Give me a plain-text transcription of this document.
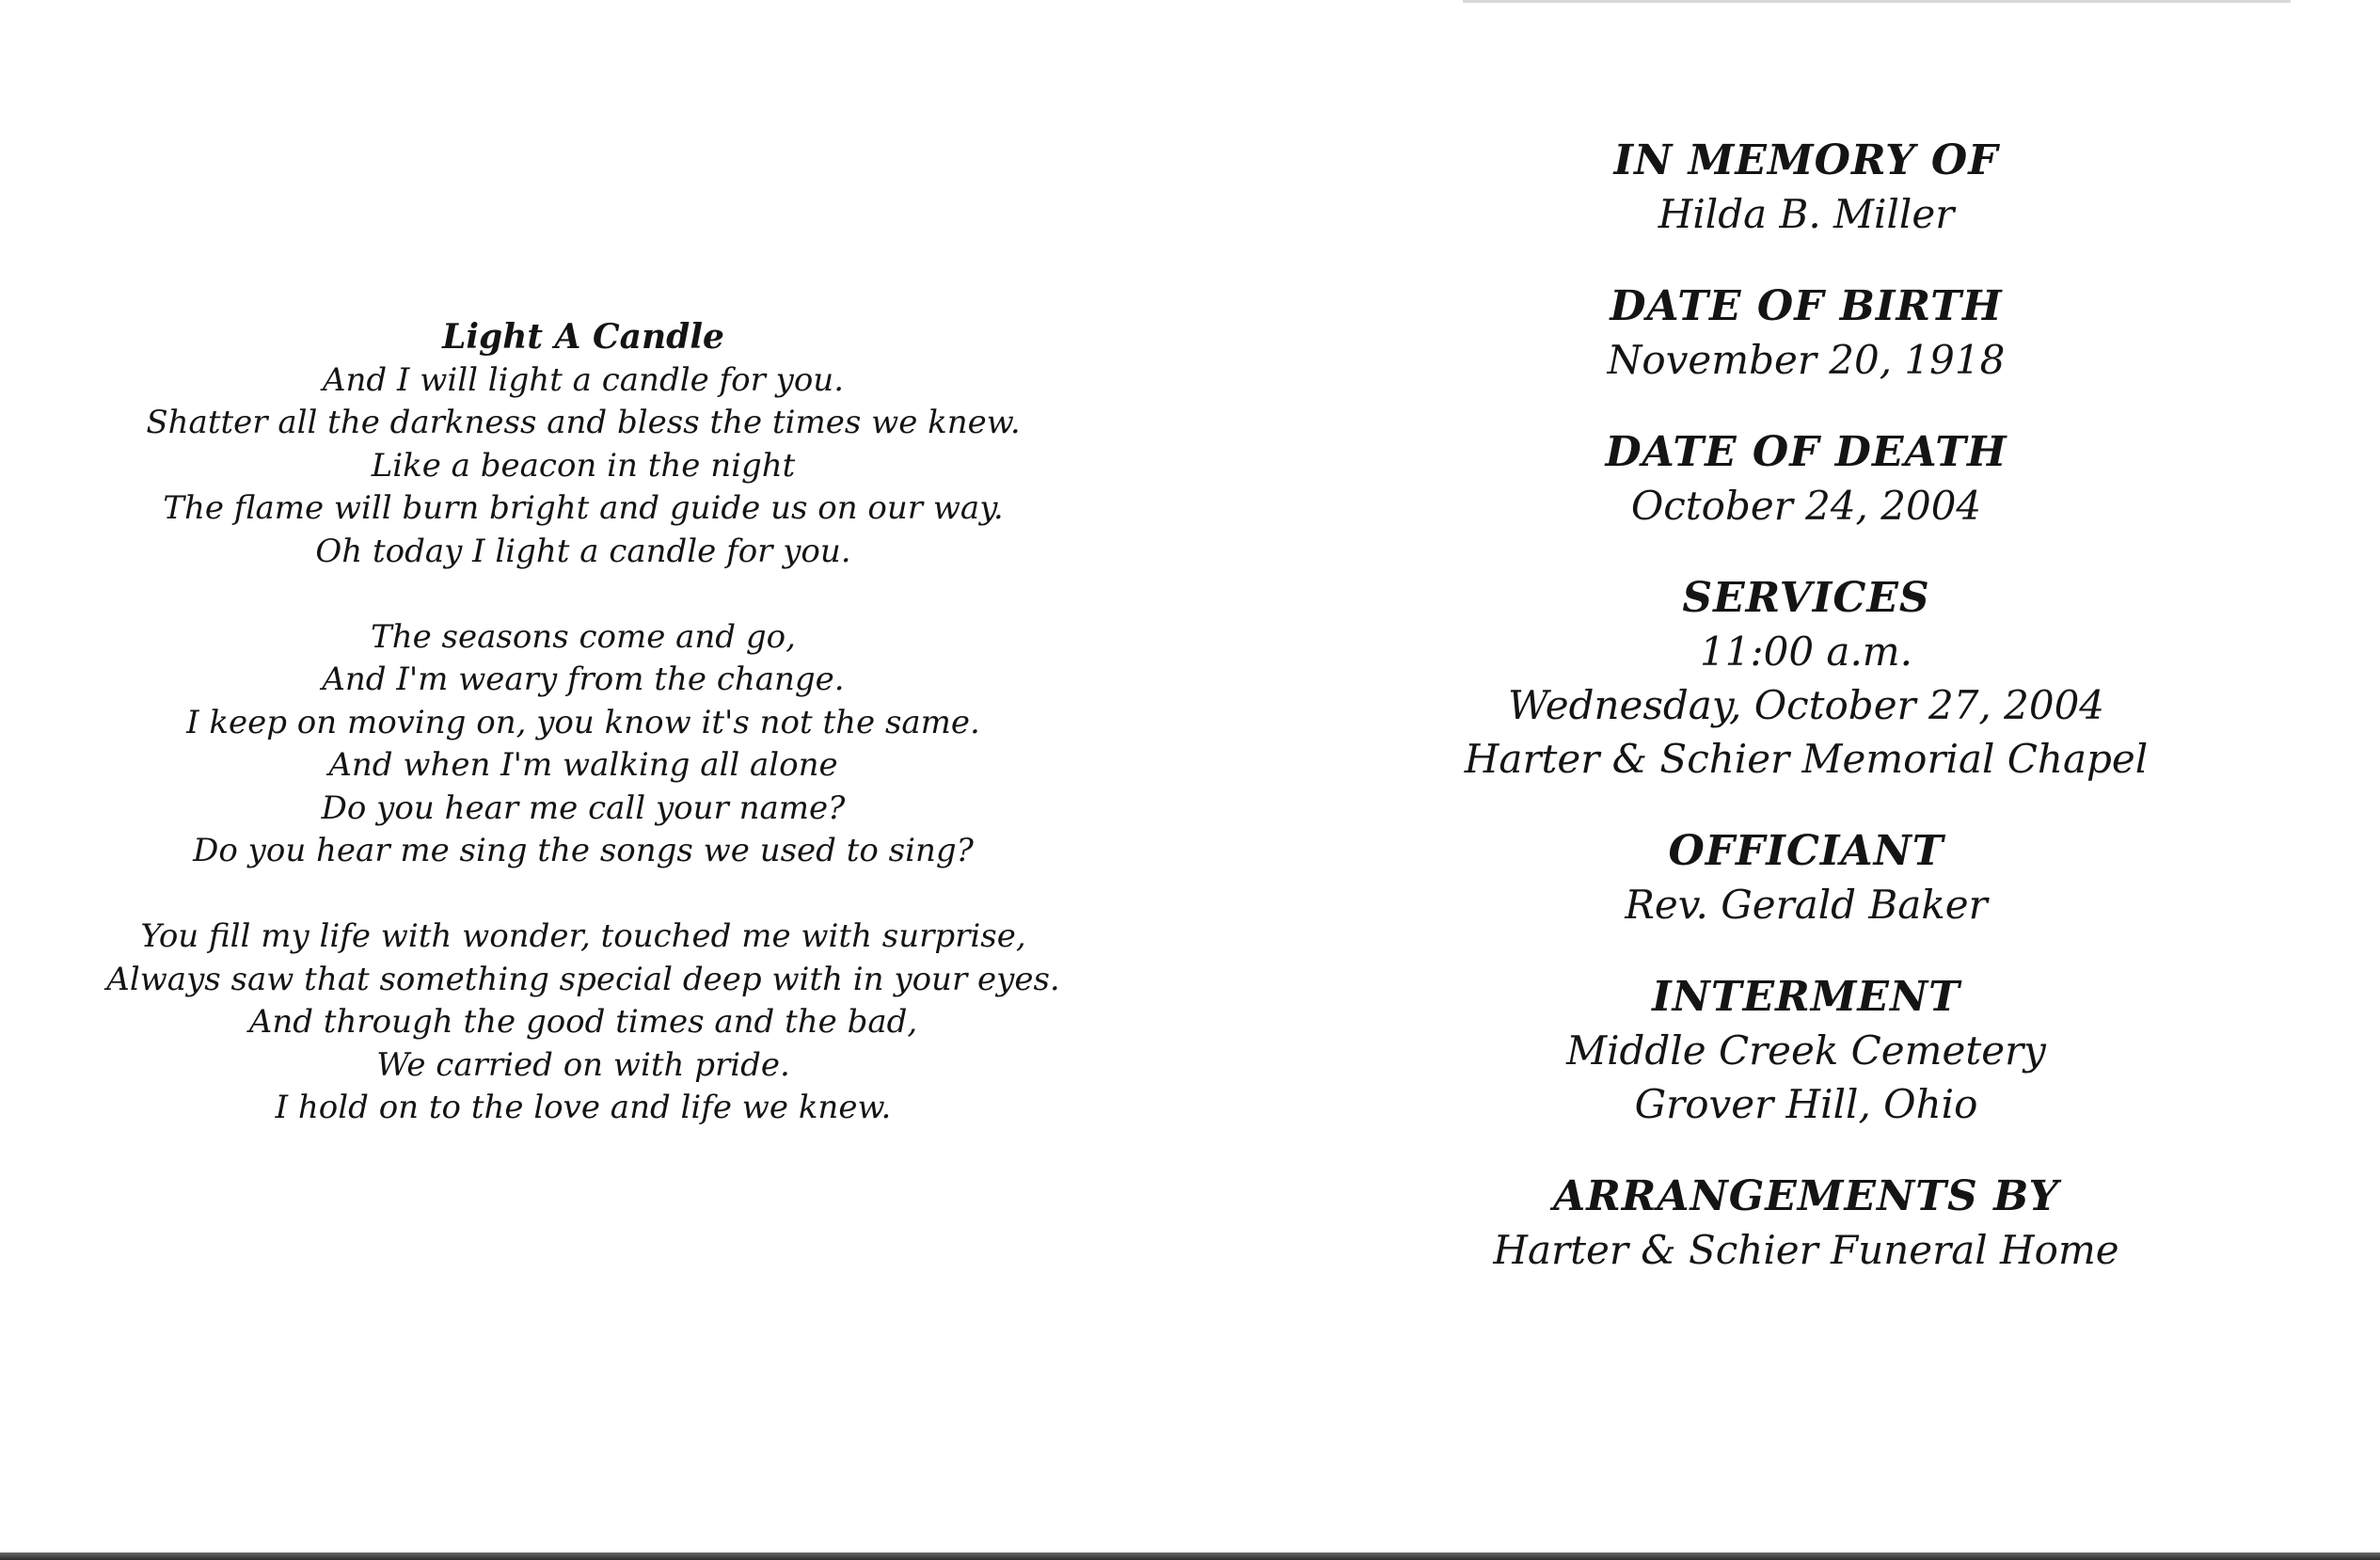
Light A Candle

And I will light a candle for you.
Shatter all the darkness and bless the times we knew.
Like a beacon in the night
The flame will burn bright and guide us on our way.
Oh today I light a candle for you.

The seasons come and go,
And I'm weary from the change.
I keep on moving on, you know it's not the same.
And when I'm walking all alone
Do you hear me call your name?
Do you hear me sing the songs we used to sing?

You fill my life with wonder, touched me with surprise,
Always saw that something special deep with in your eyes.
And through the good times and the bad,
We carried on with pride.
I hold on to the love and life we knew.

IN MEMORY OF
Hilda B. Miller
DATE OF BIRTH
November 20, 1918
DATE OF DEATH
October 24, 2004
SERVICES
11:00 a.m.
Wednesday, October 27, 2004
Harter & Schier Memorial Chapel
OFFICIANT
Rev. Gerald Baker
INTERMENT
Middle Creek Cemetery
Grover Hill, Ohio
ARRANGEMENTS BY
Harter & Schier Funeral Home
